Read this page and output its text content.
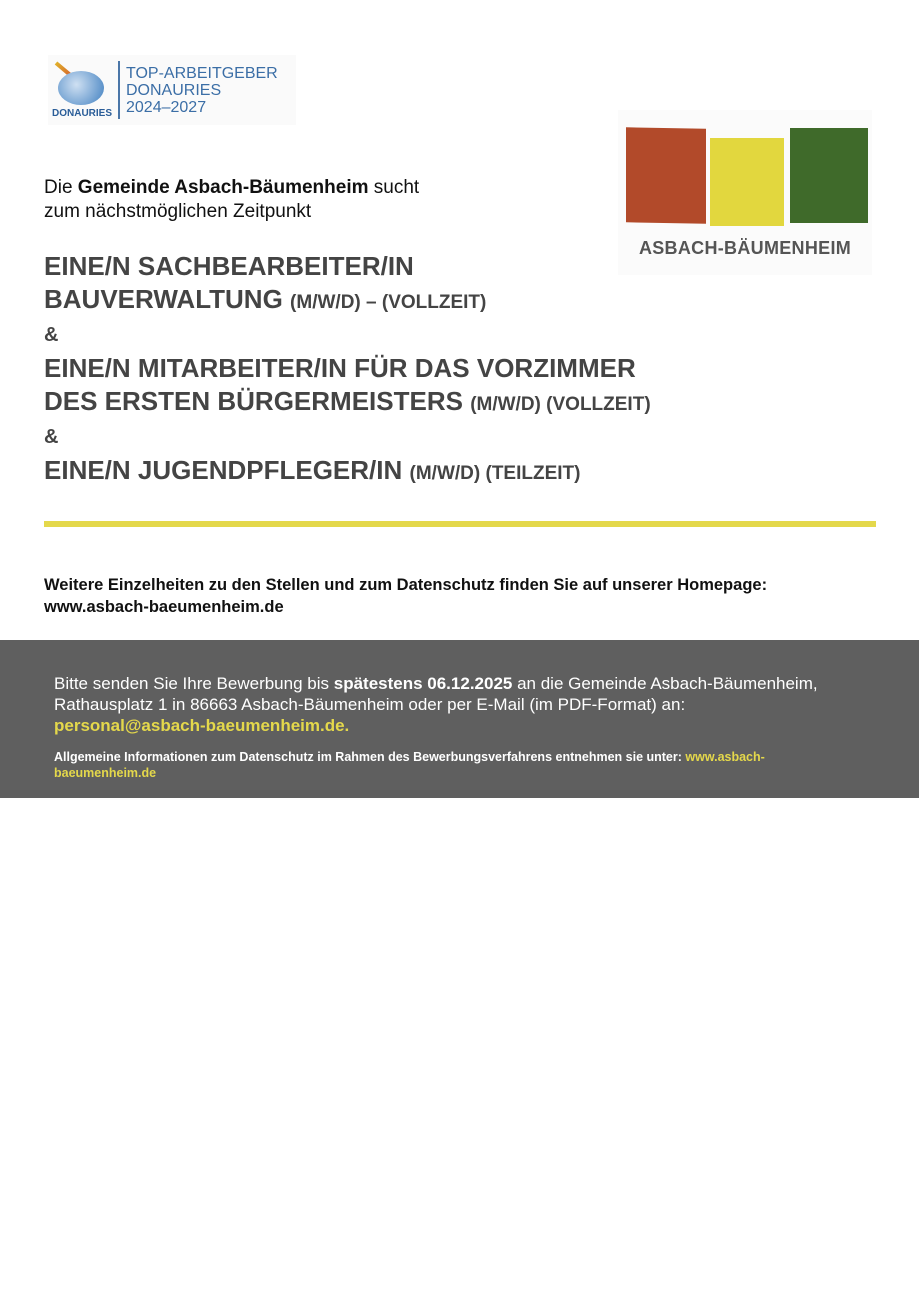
DONAURIES
TOP-ARBEITGEBER
DONAURIES
2024–2027
ASBACH-BÄUMENHEIM
Die Gemeinde Asbach-Bäumenheim sucht
zum nächstmöglichen Zeitpunkt
EINE/N SACHBEARBEITER/IN
BAUVERWALTUNG (M/W/D) – (VOLLZEIT)
&
EINE/N MITARBEITER/IN FÜR DAS VORZIMMER
DES ERSTEN BÜRGERMEISTERS (M/W/D) (VOLLZEIT)
&
EINE/N JUGENDPFLEGER/IN (M/W/D) (TEILZEIT)
Weitere Einzelheiten zu den Stellen und zum Datenschutz finden Sie auf unserer Homepage:
www.asbach-baeumenheim.de
Bitte senden Sie Ihre Bewerbung bis spätestens 06.12.2025 an die Gemeinde Asbach-Bäumenheim, Rathausplatz 1 in 86663 Asbach-Bäumenheim oder per E-Mail (im PDF-Format) an:
personal@asbach-baeumenheim.de.
Allgemeine Informationen zum Datenschutz im Rahmen des Bewerbungsverfahrens entnehmen sie unter: www.asbach-baeumenheim.de
